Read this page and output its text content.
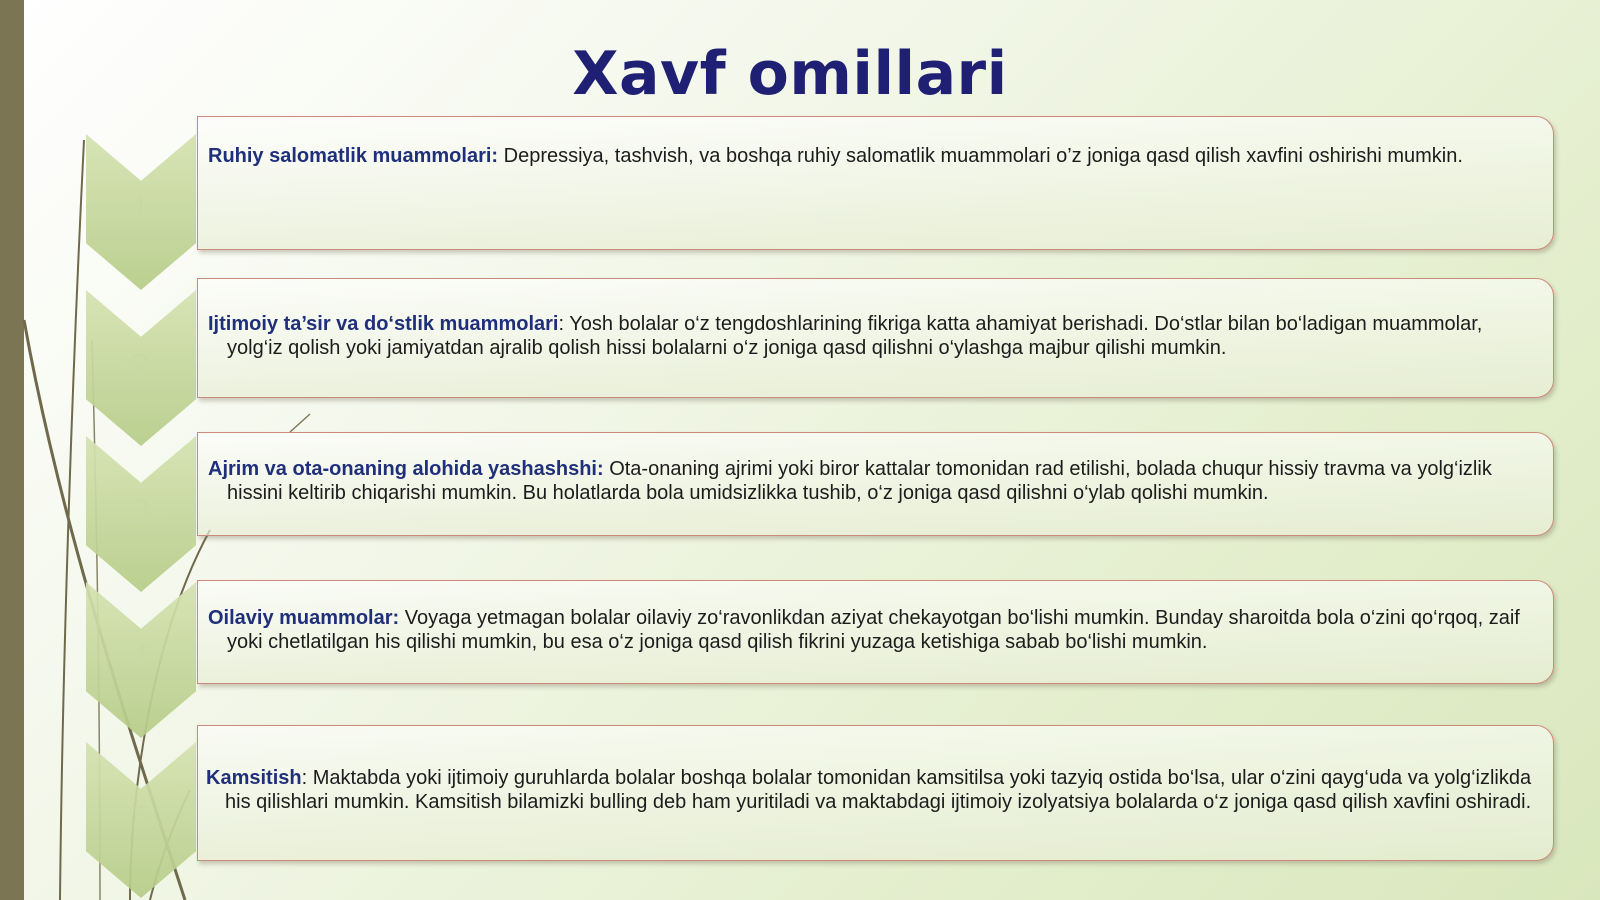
Xavf omillari
1

Ruhiy salomatlik muammolari: Depressiya, tashvish, va boshqa ruhiy salomatlik muammolari o’z joniga qasd qilish xavfini oshirishi mumkin.

2

Ijtimoiy ta’sir va do‘stlik muammolari: Yosh bolalar o‘z tengdoshlarining fikriga katta ahamiyat berishadi. Do‘stlar bilan bo‘ladigan muammolar, yolg‘iz qolish yoki jamiyatdan ajralib qolish hissi bolalarni o‘z joniga qasd qilishni o‘ylashga majbur qilishi mumkin.

3

Ajrim va ota-onaning alohida yashashshi: Ota-onaning ajrimi yoki biror kattalar tomonidan rad etilishi, bolada chuqur hissiy travma va yolg‘izlik hissini keltirib chiqarishi mumkin. Bu holatlarda bola umidsizlikka tushib, o‘z joniga qasd qilishni o‘ylab qolishi mumkin.

4

Oilaviy muammolar: Voyaga yetmagan bolalar oilaviy zo‘ravonlikdan aziyat chekayotgan bo‘lishi mumkin. Bunday sharoitda bola o‘zini qo‘rqoq, zaif yoki chetlatilgan his qilishi mumkin, bu esa o‘z joniga qasd qilish fikrini yuzaga ketishiga sabab bo‘lishi mumkin.

5

Kamsitish: Maktabda yoki ijtimoiy guruhlarda bolalar boshqa bolalar tomonidan kamsitilsa yoki tazyiq ostida bo‘lsa, ular o‘zini qayg‘uda va yolg‘izlikda his qilishlari mumkin. Kamsitish bilamizki bulling deb ham yuritiladi va maktabdagi ijtimoiy izolyatsiya bolalarda o‘z joniga qasd qilish xavfini oshiradi.
